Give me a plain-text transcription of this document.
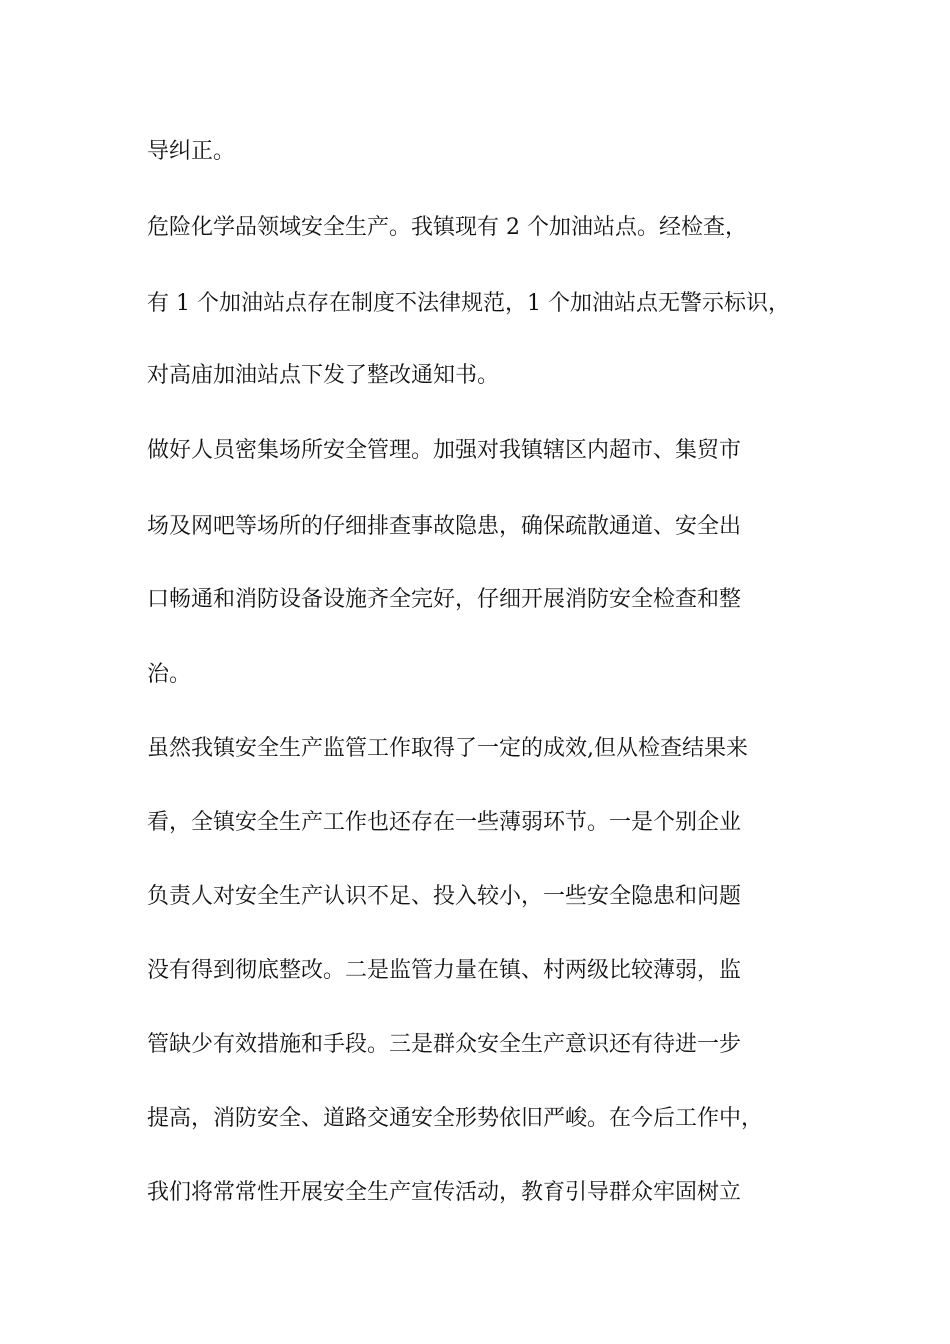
导纠正。
危险化学品领域安全生产。我镇现有 2 个加油站点。经检查，
有 1 个加油站点存在制度不法律规范，1 个加油站点无警示标识，
对高庙加油站点下发了整改通知书。
做好人员密集场所安全管理。加强对我镇辖区内超市、集贸市
场及网吧等场所的仔细排查事故隐患，确保疏散通道、安全出
口畅通和消防设备设施齐全完好，仔细开展消防安全检查和整
治。
虽然我镇安全生产监管工作取得了一定的成效,但从检查结果来
看，全镇安全生产工作也还存在一些薄弱环节。一是个别企业
负责人对安全生产认识不足、投入较小，一些安全隐患和问题
没有得到彻底整改。二是监管力量在镇、村两级比较薄弱，监
管缺少有效措施和手段。三是群众安全生产意识还有待进一步
提高，消防安全、道路交通安全形势依旧严峻。在今后工作中，
我们将常常性开展安全生产宣传活动，教育引导群众牢固树立
